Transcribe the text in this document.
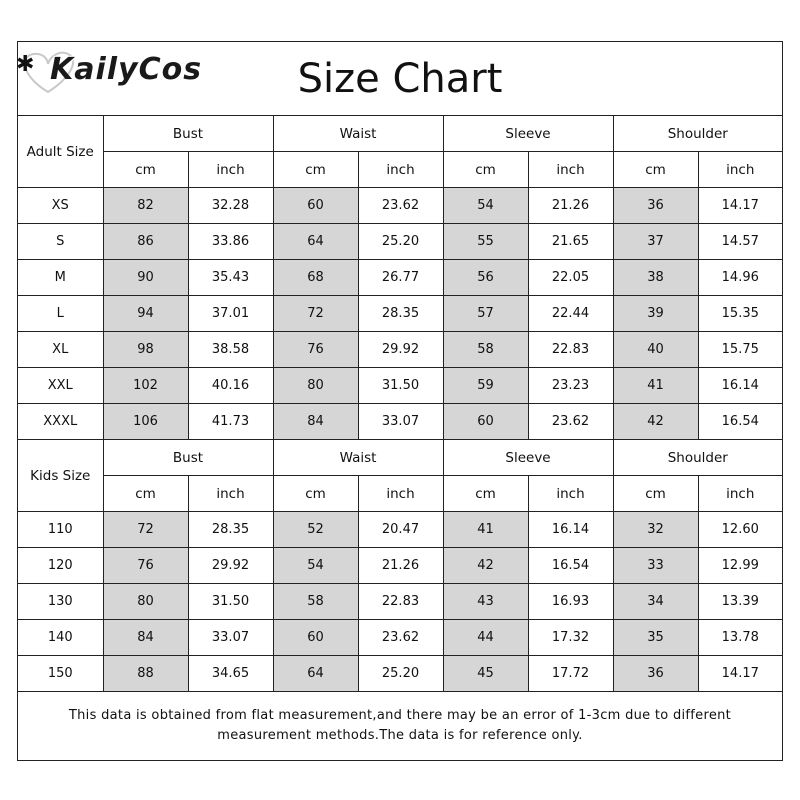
✱ KailyCos	Size Chart
Adult Size	Bust		Waist		Sleeve		Shoulder	
	cm	inch	cm	inch	cm	inch	cm	inch
XS	82	32.28	60	23.62	54	21.26	36	14.17
S	86	33.86	64	25.20	55	21.65	37	14.57
M	90	35.43	68	26.77	56	22.05	38	14.96
L	94	37.01	72	28.35	57	22.44	39	15.35
XL	98	38.58	76	29.92	58	22.83	40	15.75
XXL	102	40.16	80	31.50	59	23.23	41	16.14
XXXL	106	41.73	84	33.07	60	23.62	42	16.54
Kids Size	Bust		Waist		Sleeve		Shoulder	
	cm	inch	cm	inch	cm	inch	cm	inch
110	72	28.35	52	20.47	41	16.14	32	12.60
120	76	29.92	54	21.26	42	16.54	33	12.99
130	80	31.50	58	22.83	43	16.93	34	13.39
140	84	33.07	60	23.62	44	17.32	35	13.78
150	88	34.65	64	25.20	45	17.72	36	14.17
This data is obtained from flat measurement,and there may be an error of 1-3cm due to different measurement methods.The data is for reference only.
